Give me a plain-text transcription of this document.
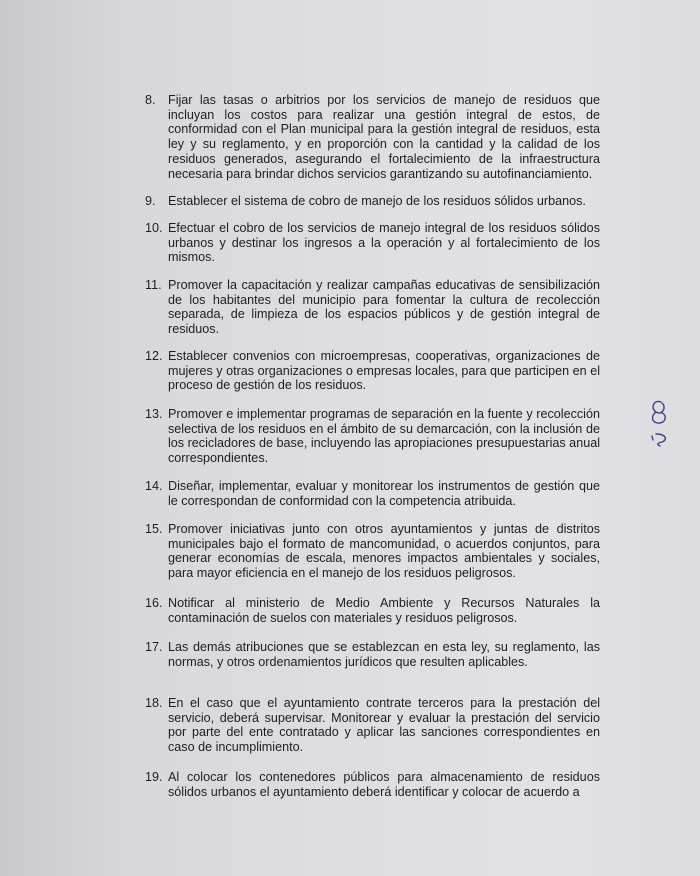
8. Fijar las tasas o arbitrios por los servicios de manejo de residuos que incluyan los costos para realizar una gestión integral de estos, de conformidad con el Plan municipal para la gestión integral de residuos, esta ley y su reglamento, y en proporción con la cantidad y la calidad de los residuos generados, asegurando el fortalecimiento de la infraestructura necesaria para brindar dichos servicios garantizando su autofinanciamiento.
9. Establecer el sistema de cobro de manejo de los residuos sólidos urbanos.
10. Efectuar el cobro de los servicios de manejo integral de los residuos sólidos urbanos y destinar los ingresos a la operación y al fortalecimiento de los mismos.
11. Promover la capacitación y realizar campañas educativas de sensibilización de los habitantes del municipio para fomentar la cultura de recolección separada, de limpieza de los espacios públicos y de gestión integral de residuos.
12. Establecer convenios con microempresas, cooperativas, organizaciones de mujeres y otras organizaciones o empresas locales, para que participen en el proceso de gestión de los residuos.
13. Promover e implementar programas de separación en la fuente y recolección selectiva de los residuos en el ámbito de su demarcación, con la inclusión de los recicladores de base, incluyendo las apropiaciones presupuestarias anual correspondientes.
14. Diseñar, implementar, evaluar y monitorear los instrumentos de gestión que le correspondan de conformidad con la competencia atribuida.
15. Promover iniciativas junto con otros ayuntamientos y juntas de distritos municipales bajo el formato de mancomunidad, o acuerdos conjuntos, para generar economías de escala, menores impactos ambientales y sociales, para mayor eficiencia en el manejo de los residuos peligrosos.
16. Notificar al ministerio de Medio Ambiente y Recursos Naturales la contaminación de suelos con materiales y residuos peligrosos.
17. Las demás atribuciones que se establezcan en esta ley, su reglamento, las normas, y otros ordenamientos jurídicos que resulten aplicables.
18. En el caso que el ayuntamiento contrate terceros para la prestación del servicio, deberá supervisar. Monitorear y evaluar la prestación del servicio por parte del ente contratado y aplicar las sanciones correspondientes en caso de incumplimiento.
19. Al colocar los contenedores públicos para almacenamiento de residuos sólidos urbanos el ayuntamiento deberá identificar y colocar de acuerdo a
